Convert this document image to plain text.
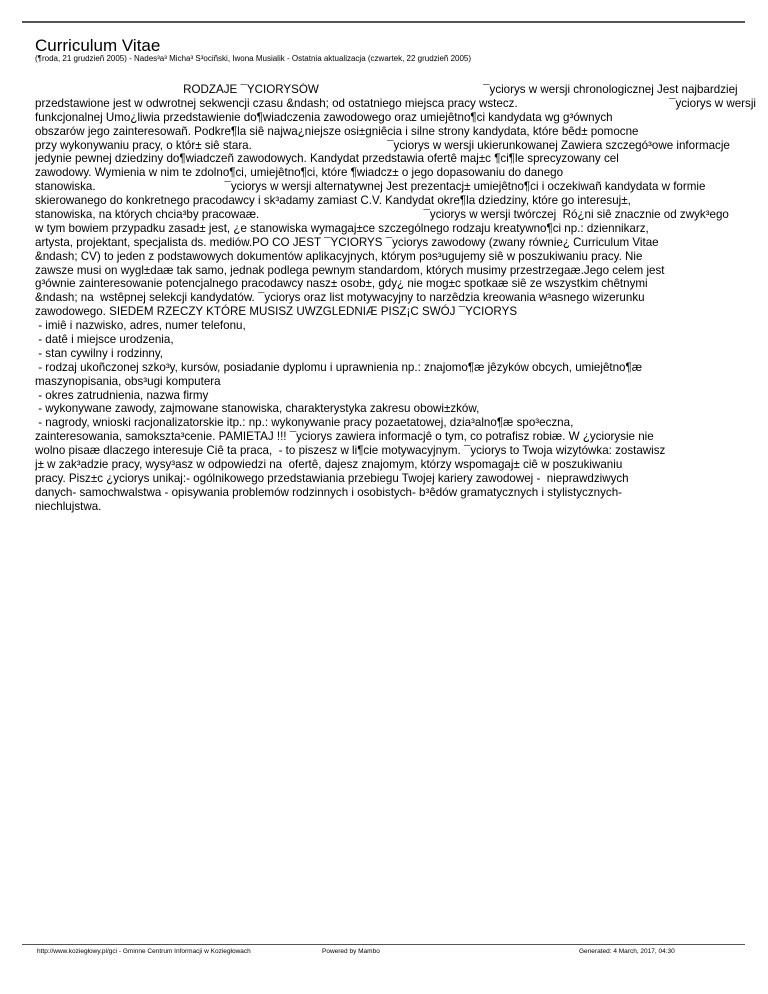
Curriculum Vitae
(¶roda, 21 grudzieñ 2005) - Nades³a³ Micha³ S³ociñski, Iwona Musialik - Ostatnia aktualizacja (czwartek, 22 grudzieñ 2005)
RODZAJE ¯YCIORYSÓW                                                   ¯yciorys w wersji chronologicznej Jest najbardziej
przedstawione jest w odwrotnej sekwencji czasu &ndash; od ostatniego miejsca pracy wstecz.                                               ¯yciorys w wersji
funkcjonalnej Umo¿liwia przedstawienie do¶wiadczenia zawodowego oraz umiejêtno¶ci kandydata wg g³ównych
obszarów jego zainteresowañ. Podkre¶la siê najwa¿niejsze osi±gniêcia i silne strony kandydata, które bêd± pomocne
przy wykonywaniu pracy, o któr± siê stara.                                          ¯yciorys w wersji ukierunkowanej Zawiera szczegó³owe informacje
jedynie pewnej dziedziny do¶wiadczeñ zawodowych. Kandydat przedstawia ofertê maj±c ¶ci¶le sprecyzowany cel
zawodowy. Wymienia w nim te zdolno¶ci, umiejêtno¶ci, które ¶wiadcz± o jego dopasowaniu do danego
stanowiska.                                        ¯yciorys w wersji alternatywnej Jest prezentacj± umiejêtno¶ci i oczekiwañ kandydata w formie
skierowanego do konkretnego pracodawcy i sk³adamy zamiast C.V. Kandydat okre¶la dziedziny, które go interesuj±,
stanowiska, na których chcia³by pracowaæ.                                                   ¯yciorys w wersji twórczej  Ró¿ni siê znacznie od zwyk³ego
w tym bowiem przypadku zasad± jest, ¿e stanowiska wymagaj±ce szczególnego rodzaju kreatywno¶ci np.: dziennikarz,
artysta, projektant, specjalista ds. mediów.PO CO JEST ¯YCIORYS ¯yciorys zawodowy (zwany równie¿ Curriculum Vitae
&ndash; CV) to jeden z podstawowych dokumentów aplikacyjnych, którym pos³ugujemy siê w poszukiwaniu pracy. Nie
zawsze musi on wygl±daæ tak samo, jednak podlega pewnym standardom, których musimy przestrzegaæ.Jego celem jest
g³ównie zainteresowanie potencjalnego pracodawcy nasz± osob±, gdy¿ nie mog±c spotkaæ siê ze wszystkim chêtnymi
&ndash; na  wstêpnej selekcji kandydatów. ¯yciorys oraz list motywacyjny to narzêdzia kreowania w³asnego wizerunku
zawodowego. SIEDEM RZECZY KTÓRE MUSISZ UWZGLEDNIÆ PISZ¡C SWÓJ ¯YCIORYS
- imiê i nazwisko, adres, numer telefonu,
- datê i miejsce urodzenia,
- stan cywilny i rodzinny,
- rodzaj ukoñczonej szko³y, kursów, posiadanie dyplomu i uprawnienia np.: znajomo¶æ jêzyków obcych, umiejêtno¶æ
maszynopisania, obs³ugi komputera
- okres zatrudnienia, nazwa firmy
- wykonywane zawody, zajmowane stanowiska, charakterystyka zakresu obowi±zków,
- nagrody, wnioski racjonalizatorskie itp.: np.: wykonywanie pracy pozaetatowej, dzia³alno¶æ spo³eczna,
zainteresowania, samokszta³cenie. PAMIETAJ !!! ¯yciorys zawiera informacjê o tym, co potrafisz robiæ. W ¿yciorysie nie
wolno pisaæ dlaczego interesuje Ciê ta praca,  - to piszesz w li¶cie motywacyjnym. ¯yciorys to Twoja wizytówka: zostawisz
j± w zak³adzie pracy, wysy³asz w odpowiedzi na  ofertê, dajesz znajomym, którzy wspomagaj± ciê w poszukiwaniu
pracy. Pisz±c ¿yciorys unikaj:- ogólnikowego przedstawiania przebiegu Twojej kariery zawodowej -  nieprawdziwych
danych- samochwalstwa - opisywania problemów rodzinnych i osobistych- b³êdów gramatycznych i stylistycznych-
niechlujstwa.
http://www.koziegłowy.pl/gci - Gminne Centrum Informacji w Koziegłowach	Powered by Mambo	Generated: 4 March, 2017, 04:30
